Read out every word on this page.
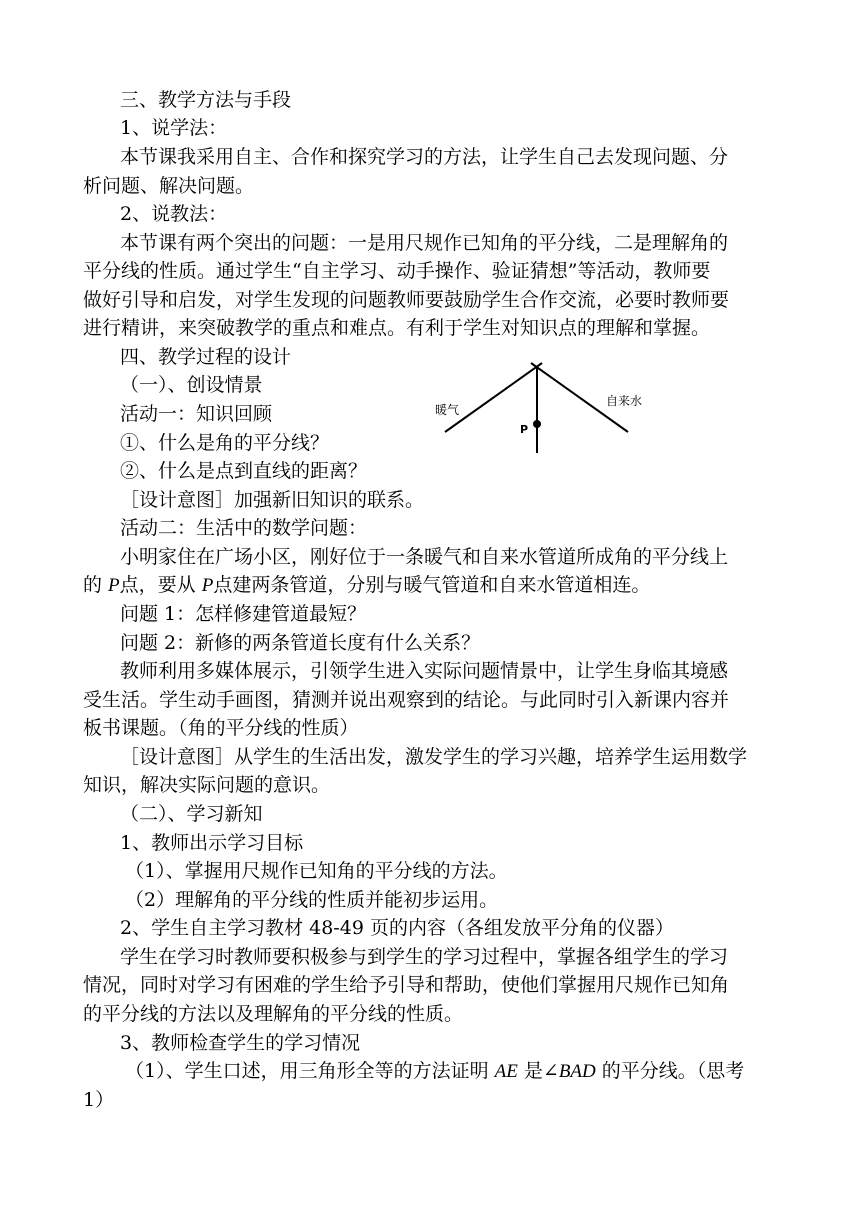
三、教学方法与手段
1、说学法：
本节课我采用自主、合作和探究学习的方法，让学生自己去发现问题、分
析问题、解决问题。
2、说教法：
本节课有两个突出的问题：一是用尺规作已知角的平分线，二是理解角的
平分线的性质。通过学生“自主学习、动手操作、验证猜想”等活动，教师要
做好引导和启发，对学生发现的问题教师要鼓励学生合作交流，必要时教师要
进行精讲，来突破教学的重点和难点。有利于学生对知识点的理解和掌握。
四、教学过程的设计
（一）、创设情景
活动一：知识回顾
①、什么是角的平分线？
②、什么是点到直线的距离？
［设计意图］加强新旧知识的联系。
活动二：生活中的数学问题：
小明家住在广场小区，刚好位于一条暖气和自来水管道所成角的平分线上
的 P点，要从 P点建两条管道，分别与暖气管道和自来水管道相连。
问题 1：怎样修建管道最短？
问题 2：新修的两条管道长度有什么关系？
教师利用多媒体展示，引领学生进入实际问题情景中，让学生身临其境感
受生活。学生动手画图，猜测并说出观察到的结论。与此同时引入新课内容并
板书课题。（角的平分线的性质）
［设计意图］从学生的生活出发，激发学生的学习兴趣，培养学生运用数学
知识，解决实际问题的意识。
（二）、学习新知
1、教师出示学习目标
（1）、掌握用尺规作已知角的平分线的方法。
（2）理解角的平分线的性质并能初步运用。
2、学生自主学习教材 48-49 页的内容（各组发放平分角的仪器）
学生在学习时教师要积极参与到学生的学习过程中，掌握各组学生的学习
情况，同时对学习有困难的学生给予引导和帮助，使他们掌握用尺规作已知角
的平分线的方法以及理解角的平分线的性质。
3、教师检查学生的学习情况
（1）、学生口述，用三角形全等的方法证明 AE 是∠BAD 的平分线。（思考
1）
暖气
自来水
P
